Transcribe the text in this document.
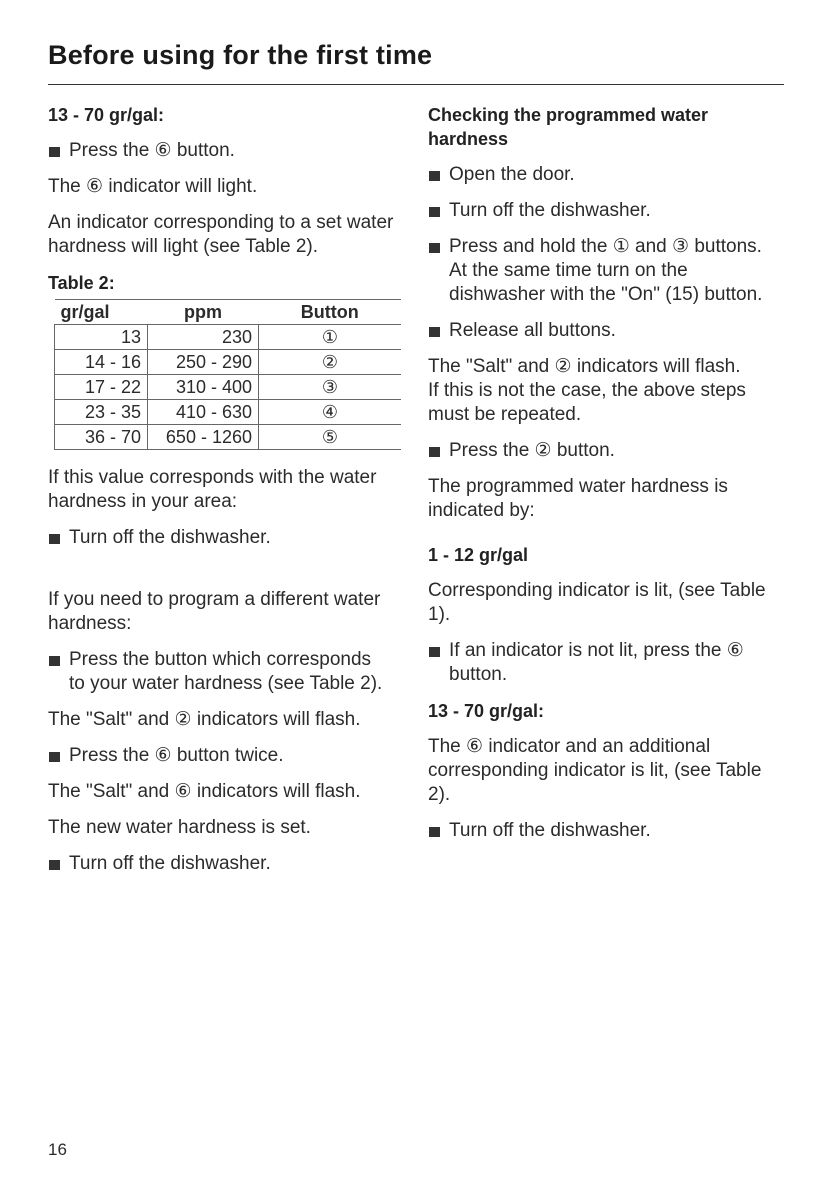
Before using for the first time
13 - 70 gr/gal:
Press the ⑥ button.

The ⑥ indicator will light.

An indicator corresponding to a set water hardness will light (see Table 2).

Table 2:
gr/gal	ppm	Button
13	230	①
14 - 16	250 - 290	②
17 - 22	310 - 400	③
23 - 35	410 - 630	④
36 - 70	650 - 1260	⑤

If this value corresponds with the water hardness in your area:

Turn off the dishwasher.

If you need to program a different water hardness:

Press the button which corresponds
to your water hardness (see Table 2).

The "Salt" and ② indicators will flash.

Press the ⑥ button twice.

The "Salt" and ⑥ indicators will flash.

The new water hardness is set.

Turn off the dishwasher.
Checking the programmed water hardness
Open the door.
Turn off the dishwasher.
Press and hold the ① and ③ buttons.
At the same time turn on the
dishwasher with the "On" (15) button.
Release all buttons.

The "Salt" and ② indicators will flash.

If this is not the case, the above steps must be repeated.

Press the ② button.

The programmed water hardness is indicated by:

1 - 12 gr/gal

Corresponding indicator is lit, (see Table 1).

If an indicator is not lit, press the ⑥
button.
13 - 70 gr/gal:

The ⑥ indicator and an additional corresponding indicator is lit, (see Table 2).

Turn off the dishwasher.
16
